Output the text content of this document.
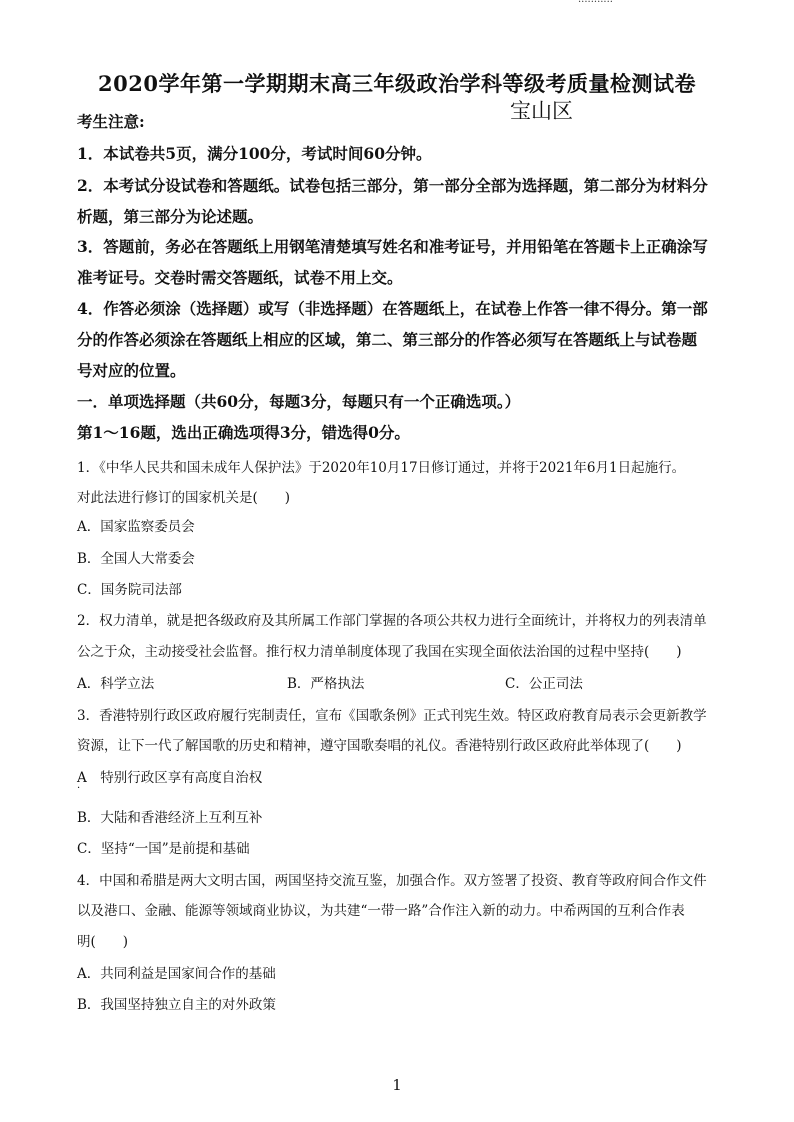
2020学年第一学期期末高三年级政治学科等级考质量检测试卷
宝山区
考生注意:
1．本试卷共5页，满分100分，考试时间60分钟。
2．本考试分设试卷和答题纸。试卷包括三部分，第一部分全部为选择题，第二部分为材料分
析题，第三部分为论述题。
3．答题前，务必在答题纸上用钢笔清楚填写姓名和准考证号，并用铅笔在答题卡上正确涂写
准考证号。交卷时需交答题纸，试卷不用上交。
4．作答必须涂（选择题）或写（非选择题）在答题纸上，在试卷上作答一律不得分。第一部
分的作答必须涂在答题纸上相应的区域，第二、第三部分的作答必须写在答题纸上与试卷题
号对应的位置。
一．单项选择题（共60分，每题3分，每题只有一个正确选项。）
第1～16题，选出正确选项得3分，错选得0分。
1．《中华人民共和国未成年人保护法》于2020年10月17日修订通过，并将于2021年6月1日起施行。
对此法进行修订的国家机关是(　　)
A．国家监察委员会
B．全国人大常委会
C．国务院司法部
2．权力清单，就是把各级政府及其所属工作部门掌握的各项公共权力进行全面统计，并将权力的列表清单
公之于众，主动接受社会监督。推行权力清单制度体现了我国在实现全面依法治国的过程中坚持(　　)
A．科学立法	B．严格执法	C．公正司法
3．香港特别行政区政府履行宪制责任，宣布《国歌条例》正式刊宪生效。特区政府教育局表示会更新教学
资源，让下一代了解国歌的历史和精神，遵守国歌奏唱的礼仪。香港特别行政区政府此举体现了(　　)
A　特别行政区享有高度自治权
·
B．大陆和香港经济上互利互补
C．坚持“一国”是前提和基础
4．中国和希腊是两大文明古国，两国坚持交流互鉴，加强合作。双方签署了投资、教育等政府间合作文件
以及港口、金融、能源等领域商业协议，为共建“一带一路”合作注入新的动力。中希两国的互利合作表
明(　　)
A．共同利益是国家间合作的基础
B．我国坚持独立自主的对外政策
1
